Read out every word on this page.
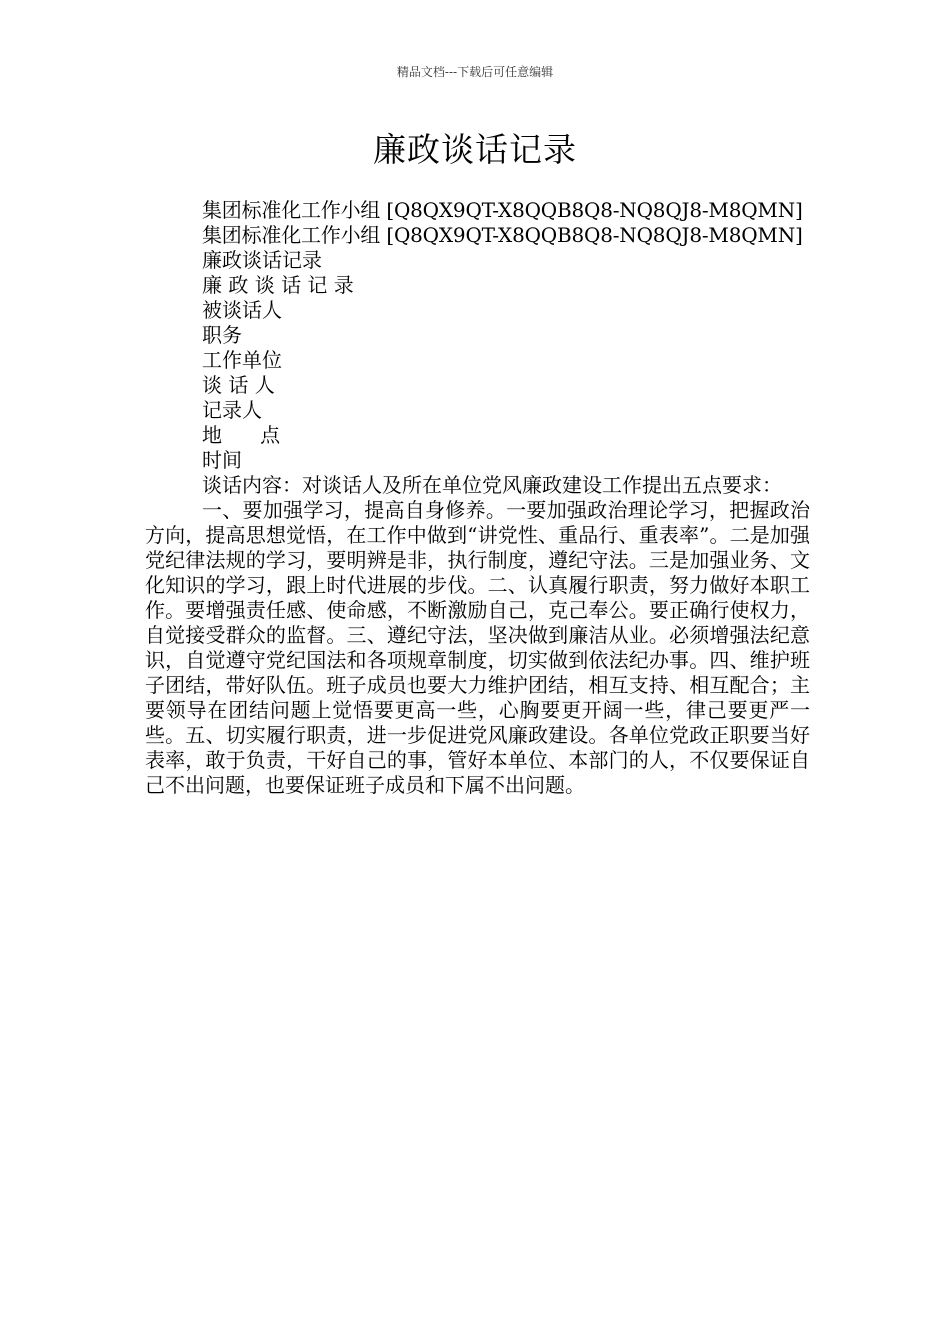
精品文档---下载后可任意编辑
廉政谈话记录
集团标准化工作小组 [Q8QX9QT-X8QQB8Q8-NQ8QJ8-M8QMN]
集团标准化工作小组 [Q8QX9QT-X8QQB8Q8-NQ8QJ8-M8QMN]
廉政谈话记录
廉 政 谈 话 记 录
被谈话人
职务
工作单位
谈 话 人
记录人
地      点
时间

谈话内容：对谈话人及所在单位党风廉政建设工作提出五点要求：

一、要加强学习，提高自身修养。一要加强政治理论学习，把握政治方向，提高思想觉悟，在工作中做到“讲党性、重品行、重表率”。二是加强党纪律法规的学习，要明辨是非，执行制度，遵纪守法。三是加强业务、文化知识的学习，跟上时代进展的步伐。二、认真履行职责，努力做好本职工作。要增强责任感、使命感，不断激励自己，克己奉公。要正确行使权力，自觉接受群众的监督。三、遵纪守法，坚决做到廉洁从业。必须增强法纪意识，自觉遵守党纪国法和各项规章制度，切实做到依法纪办事。四、维护班子团结，带好队伍。班子成员也要大力维护团结，相互支持、相互配合；主要领导在团结问题上觉悟要更高一些，心胸要更开阔一些，律己要更严一些。五、切实履行职责，进一步促进党风廉政建设。各单位党政正职要当好表率，敢于负责，干好自己的事，管好本单位、本部门的人，不仅要保证自己不出问题，也要保证班子成员和下属不出问题。
